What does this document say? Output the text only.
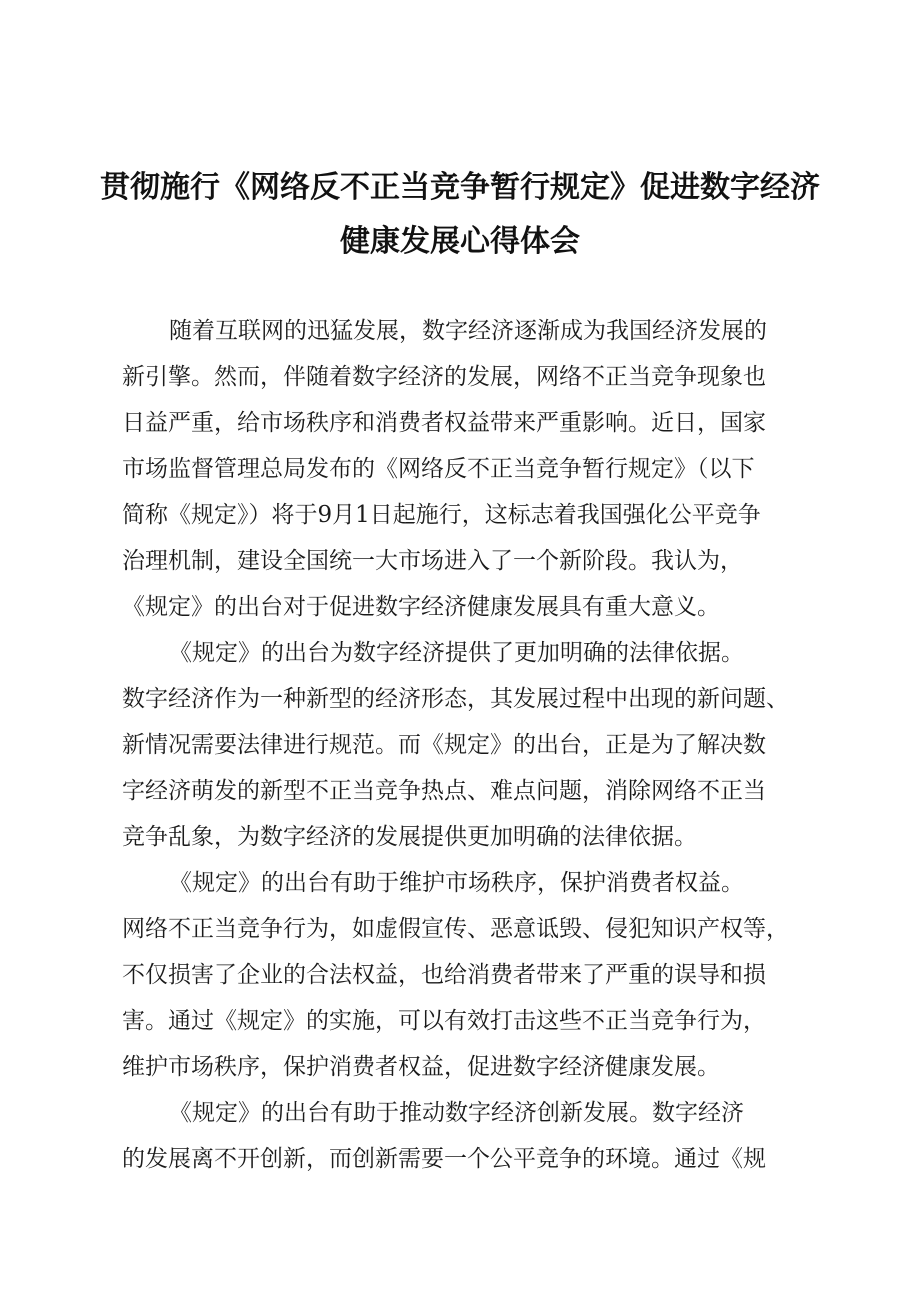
贯彻施行《网络反不正当竞争暂行规定》促进数字经济
健康发展心得体会
随着互联网的迅猛发展，数字经济逐渐成为我国经济发展的
新引擎。然而，伴随着数字经济的发展，网络不正当竞争现象也
日益严重，给市场秩序和消费者权益带来严重影响。近日，国家
市场监督管理总局发布的《网络反不正当竞争暂行规定》（以下
简称《规定》）将于9月1日起施行，这标志着我国强化公平竞争
治理机制，建设全国统一大市场进入了一个新阶段。我认为，
《规定》的出台对于促进数字经济健康发展具有重大意义。
《规定》的出台为数字经济提供了更加明确的法律依据。
数字经济作为一种新型的经济形态，其发展过程中出现的新问题、
新情况需要法律进行规范。而《规定》的出台，正是为了解决数
字经济萌发的新型不正当竞争热点、难点问题，消除网络不正当
竞争乱象，为数字经济的发展提供更加明确的法律依据。
《规定》的出台有助于维护市场秩序，保护消费者权益。
网络不正当竞争行为，如虚假宣传、恶意诋毁、侵犯知识产权等，
不仅损害了企业的合法权益，也给消费者带来了严重的误导和损
害。通过《规定》的实施，可以有效打击这些不正当竞争行为，
维护市场秩序，保护消费者权益，促进数字经济健康发展。
《规定》的出台有助于推动数字经济创新发展。数字经济
的发展离不开创新，而创新需要一个公平竞争的环境。通过《规
